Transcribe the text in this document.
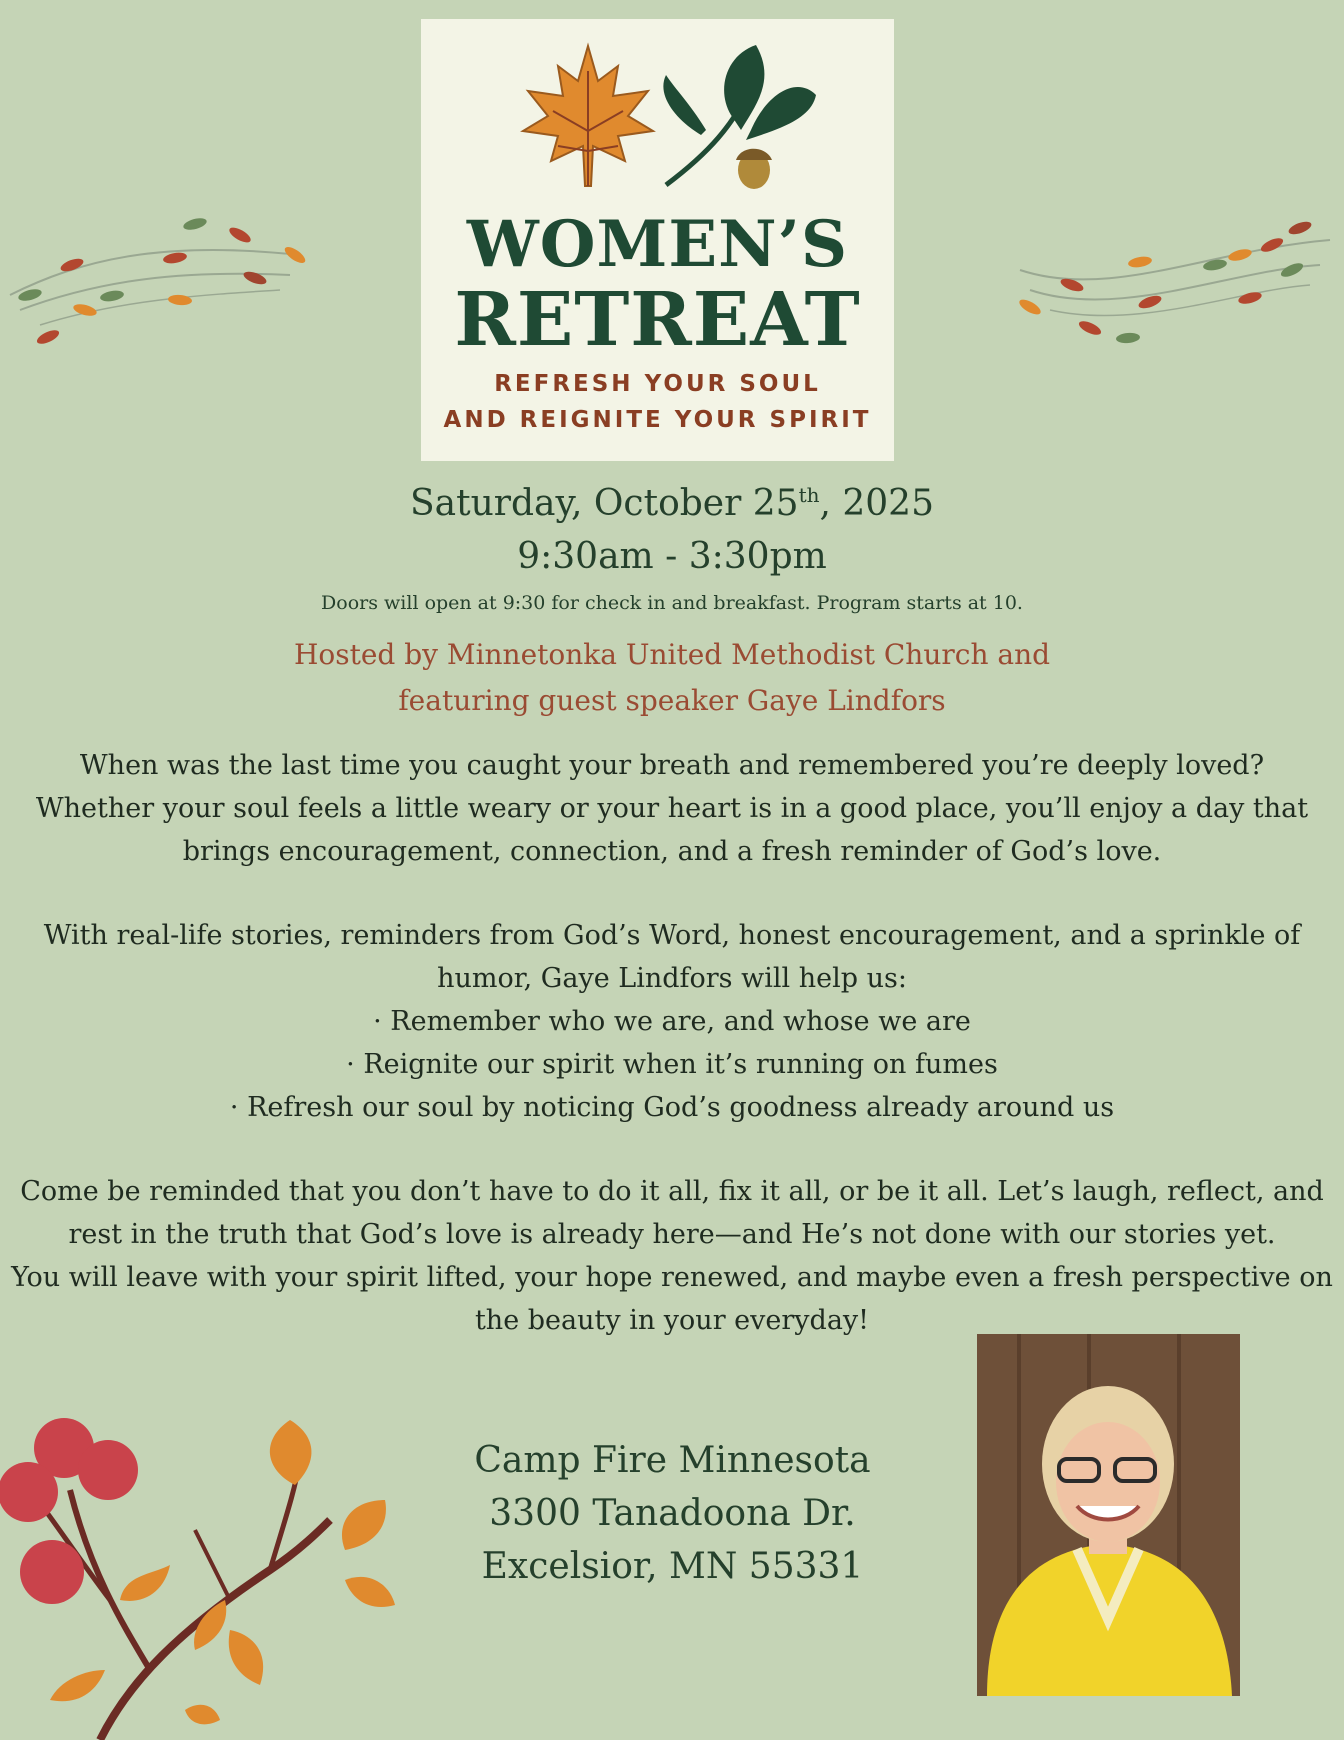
WOMEN’S
RETREAT
REFRESH YOUR SOUL
AND REIGNITE YOUR SPIRIT
Saturday, October 25th, 2025
9:30am - 3:30pm
Doors will open at 9:30 for check in and breakfast. Program starts at 10.
Hosted by Minnetonka United Methodist Church and
featuring guest speaker Gaye Lindfors
When was the last time you caught your breath and remembered you’re deeply loved?
Whether your soul feels a little weary or your heart is in a good place, you’ll enjoy a day that
brings encouragement, connection, and a fresh reminder of God’s love.
With real-life stories, reminders from God’s Word, honest encouragement, and a sprinkle of
humor, Gaye Lindfors will help us:
· Remember who we are, and whose we are
· Reignite our spirit when it’s running on fumes
· Refresh our soul by noticing God’s goodness already around us
Come be reminded that you don’t have to do it all, fix it all, or be it all. Let’s laugh, reflect, and
rest in the truth that God’s love is already here—and He’s not done with our stories yet.
You will leave with your spirit lifted, your hope renewed, and maybe even a fresh perspective on
the beauty in your everyday!
Camp Fire Minnesota
3300 Tanadoona Dr.
Excelsior, MN 55331
